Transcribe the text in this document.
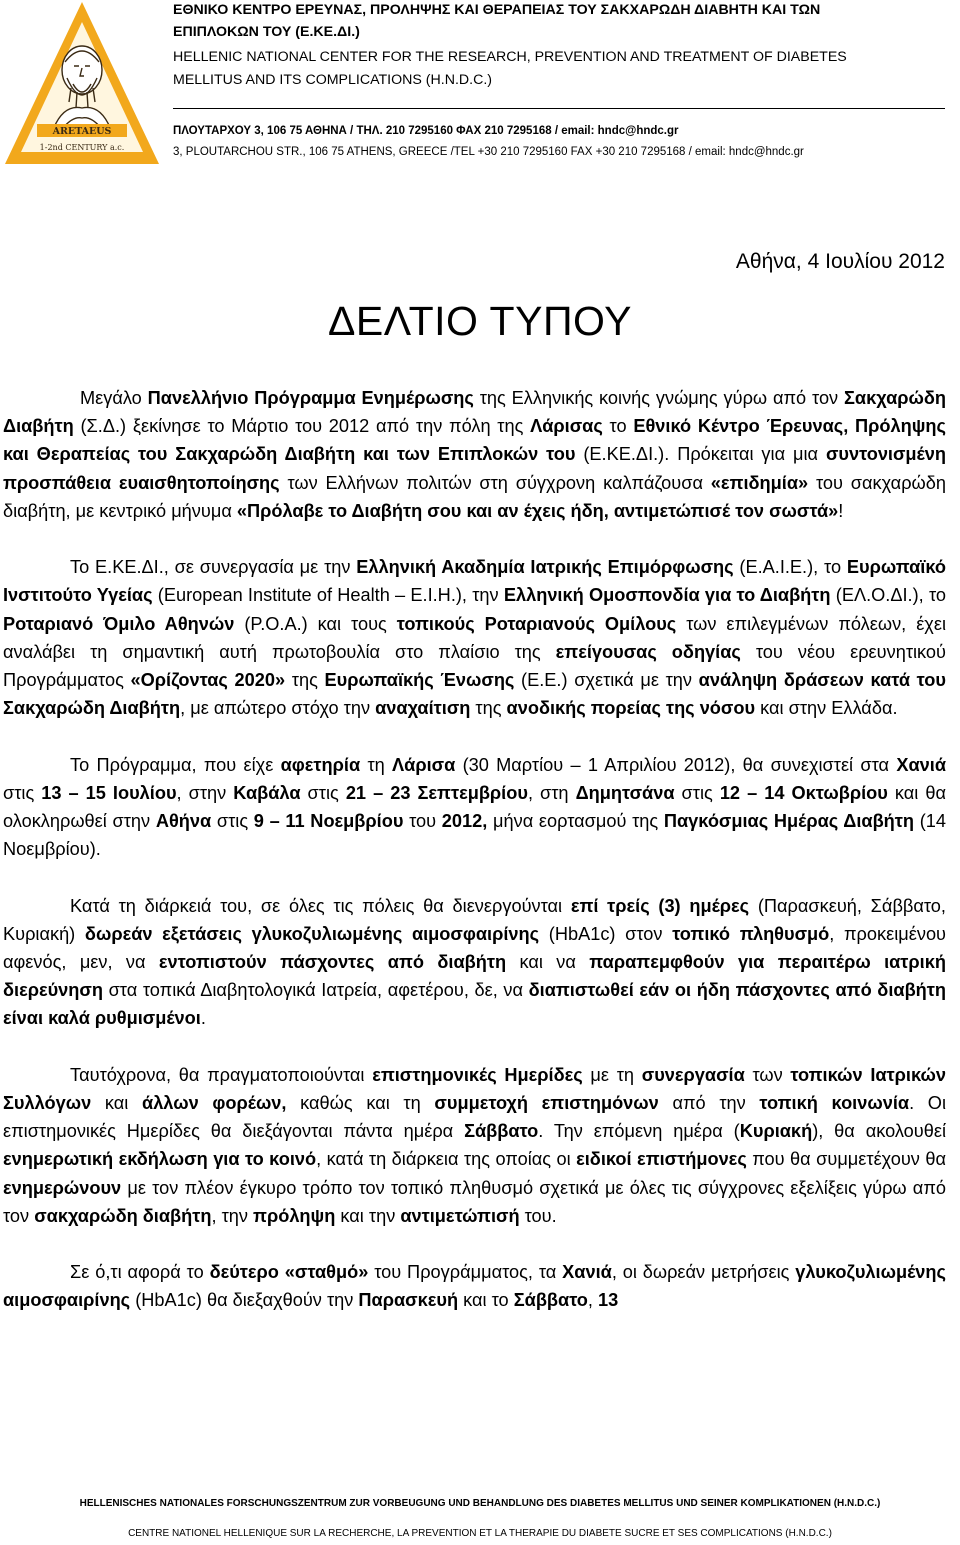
ARETAEUS
1-2nd CENTURY a.c.
ΕΘΝΙΚΟ ΚΕΝΤΡΟ ΕΡΕΥΝΑΣ, ΠΡΟΛΗΨΗΣ ΚΑΙ ΘΕΡΑΠΕΙΑΣ ΤΟΥ ΣΑΚΧΑΡΩΔΗ ΔΙΑΒΗΤΗ ΚΑΙ ΤΩΝ
ΕΠΙΠΛΟΚΩΝ ΤΟΥ (Ε.ΚΕ.ΔΙ.)
HELLENIC NATIONAL CENTER FOR THE RESEARCH, PREVENTION AND TREATMENT OF DIABETES
MELLITUS AND ITS COMPLICATIONS (H.N.D.C.)
ΠΛΟΥΤΑΡΧΟΥ 3, 106 75 ΑΘΗΝΑ / ΤΗΛ. 210 7295160 ΦΑΧ 210 7295168 / email: hndc@hndc.gr
3, PLOUTARCHOU STR., 106 75 ATHENS, GREECE /TEL +30 210 7295160 FAX +30 210 7295168 / email: hndc@hndc.gr
Αθήνα, 4 Ιουλίου 2012
ΔΕΛΤΙΟ ΤΥΠΟΥ

Μεγάλο Πανελλήνιο Πρόγραμμα Ενημέρωσης της Ελληνικής κοινής γνώμης γύρω από τον Σακχαρώδη Διαβήτη (Σ.Δ.) ξεκίνησε το Μάρτιο του 2012 από την πόλη της Λάρισας το Εθνικό Κέντρο Έρευνας, Πρόληψης και Θεραπείας του Σακχαρώδη Διαβήτη και των Επιπλοκών του (Ε.ΚΕ.ΔΙ.). Πρόκειται για μια συντονισμένη προσπάθεια ευαισθητοποίησης των Ελλήνων πολιτών στη σύγχρονη καλπάζουσα «επιδημία» του σακχαρώδη διαβήτη, με κεντρικό μήνυμα «Πρόλαβε το Διαβήτη σου και αν έχεις ήδη, αντιμετώπισέ τον σωστά»!

Το Ε.ΚΕ.ΔΙ., σε συνεργασία με την Ελληνική Ακαδημία Ιατρικής Επιμόρφωσης (Ε.Α.Ι.Ε.), το Ευρωπαϊκό Ινστιτούτο Υγείας (European Institute of Health – E.I.H.), την Ελληνική Ομοσπονδία για το Διαβήτη (ΕΛ.Ο.ΔΙ.), το Ροταριανό Όμιλο Αθηνών (Ρ.Ο.Α.) και τους τοπικούς Ροταριανούς Ομίλους των επιλεγμένων πόλεων, έχει αναλάβει τη σημαντική αυτή πρωτοβουλία στο πλαίσιο της επείγουσας οδηγίας του νέου ερευνητικού Προγράμματος «Ορίζοντας 2020» της Ευρωπαϊκής Ένωσης (Ε.Ε.) σχετικά με την ανάληψη δράσεων κατά του Σακχαρώδη Διαβήτη, με απώτερο στόχο την αναχαίτιση της ανοδικής πορείας της νόσου και στην Ελλάδα.

Το Πρόγραμμα, που είχε αφετηρία τη Λάρισα (30 Μαρτίου – 1 Απριλίου 2012), θα συνεχιστεί στα Χανιά στις 13 – 15 Ιουλίου, στην Καβάλα στις 21 – 23 Σεπτεμβρίου, στη Δημητσάνα στις 12 – 14 Οκτωβρίου και θα ολοκληρωθεί στην Αθήνα στις 9 – 11 Νοεμβρίου του 2012, μήνα εορτασμού της Παγκόσμιας Ημέρας Διαβήτη (14 Νοεμβρίου).

Κατά τη διάρκειά του, σε όλες τις πόλεις θα διενεργούνται επί τρείς (3) ημέρες (Παρασκευή, Σάββατο, Κυριακή) δωρεάν εξετάσεις γλυκοζυλιωμένης αιμοσφαιρίνης (HbA1c) στον τοπικό πληθυσμό, προκειμένου αφενός, μεν, να εντοπιστούν πάσχοντες από διαβήτη και να παραπεμφθούν για περαιτέρω ιατρική διερεύνηση στα τοπικά Διαβητολογικά Ιατρεία, αφετέρου, δε, να διαπιστωθεί εάν οι ήδη πάσχοντες από διαβήτη είναι καλά ρυθμισμένοι.

Ταυτόχρονα, θα πραγματοποιούνται επιστημονικές Ημερίδες με τη συνεργασία των τοπικών Ιατρικών Συλλόγων και άλλων φορέων, καθώς και τη συμμετοχή επιστημόνων από την τοπική κοινωνία. Οι επιστημονικές Ημερίδες θα διεξάγονται πάντα ημέρα Σάββατο. Την επόμενη ημέρα (Κυριακή), θα ακολουθεί ενημερωτική εκδήλωση για το κοινό, κατά τη διάρκεια της οποίας οι ειδικοί επιστήμονες που θα συμμετέχουν θα ενημερώνουν με τον πλέον έγκυρο τρόπο τον τοπικό πληθυσμό σχετικά με όλες τις σύγχρονες εξελίξεις γύρω από τον σακχαρώδη διαβήτη, την πρόληψη και την αντιμετώπισή του.

Σε ό,τι αφορά το δεύτερο «σταθμό» του Προγράμματος, τα Χανιά, οι δωρεάν μετρήσεις γλυκοζυλιωμένης αιμοσφαιρίνης (HbA1c) θα διεξαχθούν την Παρασκευή και το Σάββατο, 13

HELLENISCHES NATIONALES FORSCHUNGSZENTRUM ZUR VORBEUGUNG UND BEHANDLUNG DES DIABETES MELLITUS UND SEINER KOMPLIKATIONEN (H.N.D.C.)
CENTRE NATIONEL HELLENIQUE SUR LA RECHERCHE, LA PREVENTION ET LA THERAPIE DU DIABETE SUCRE ET SES COMPLICATIONS (H.N.D.C.)
